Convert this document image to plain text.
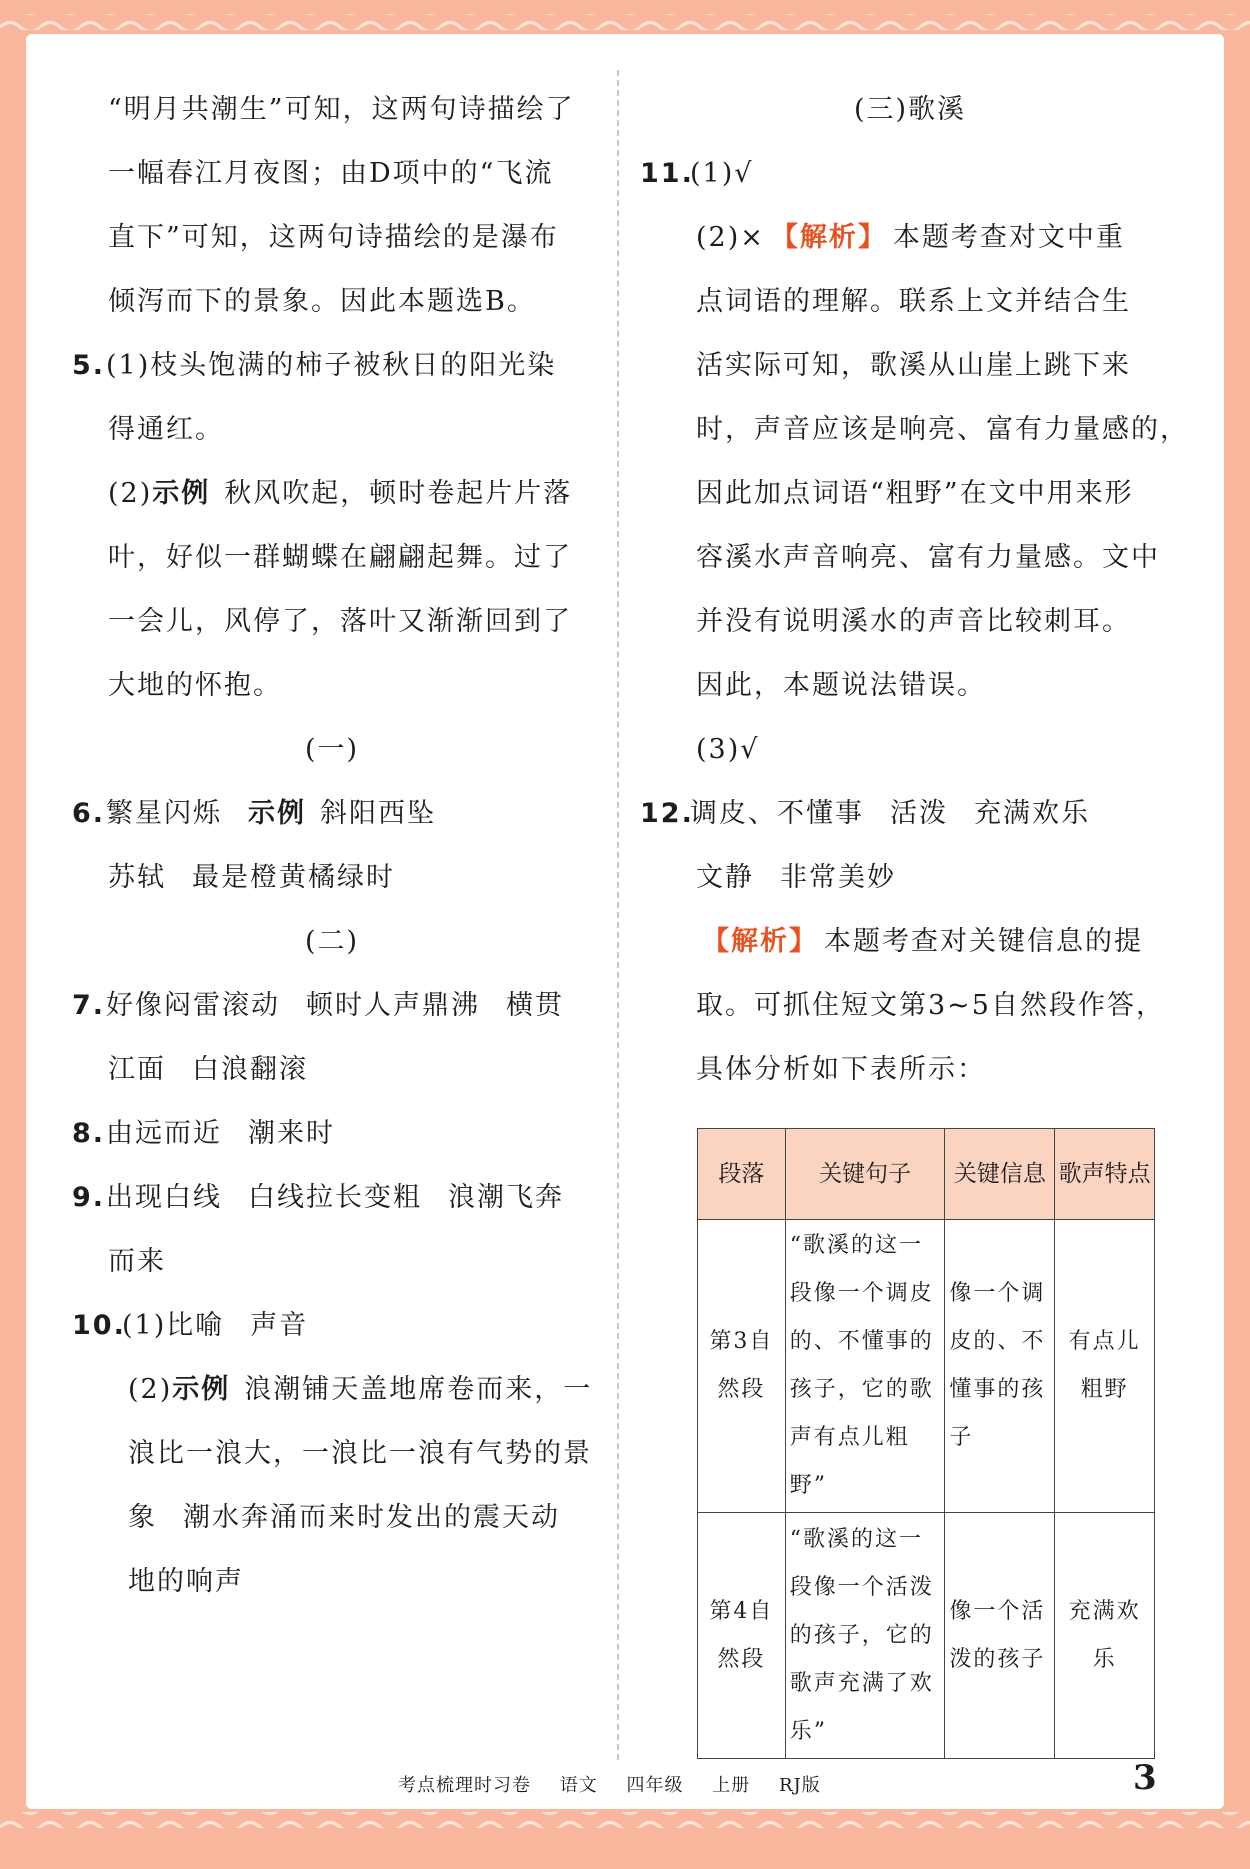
“明月共潮生”可知，这两句诗描绘了
一幅春江月夜图；由D项中的“飞流
直下”可知，这两句诗描绘的是瀑布
倾泻而下的景象。因此本题选B。
5.(1)枝头饱满的柿子被秋日的阳光染
得通红。
(2)示例 秋风吹起，顿时卷起片片落
叶，好似一群蝴蝶在翩翩起舞。过了
一会儿，风停了，落叶又渐渐回到了
大地的怀抱。
(一)
6.繁星闪烁 示例 斜阳西坠
苏轼 最是橙黄橘绿时
(二)
7.好像闷雷滚动 顿时人声鼎沸 横贯
江面 白浪翻滚
8.由远而近 潮来时
9.出现白线 白线拉长变粗 浪潮飞奔
而来
10.(1)比喻 声音
(2)示例 浪潮铺天盖地席卷而来，一
浪比一浪大，一浪比一浪有气势的景
象 潮水奔涌而来时发出的震天动
地的响声
(三)歌溪
11.(1)√
(2)× 【解析】 本题考查对文中重
点词语的理解。联系上文并结合生
活实际可知，歌溪从山崖上跳下来
时，声音应该是响亮、富有力量感的，
因此加点词语“粗野”在文中用来形
容溪水声音响亮、富有力量感。文中
并没有说明溪水的声音比较刺耳。
因此，本题说法错误。
(3)√
12.调皮、不懂事 活泼 充满欢乐
文静 非常美妙
【解析】 本题考查对关键信息的提
取。可抓住短文第3~5自然段作答，
具体分析如下表所示：
段落	关键句子	关键信息	歌声特点
第3自然段	“歌溪的这一段像一个调皮的、不懂事的孩子，它的歌声有点儿粗野”	像一个调皮的、不懂事的孩子	有点儿粗野
第4自然段	“歌溪的这一段像一个活泼的孩子，它的歌声充满了欢乐”	像一个活泼的孩子	充满欢乐
考点梳理时习卷 语文 四年级 上册 RJ版	3
